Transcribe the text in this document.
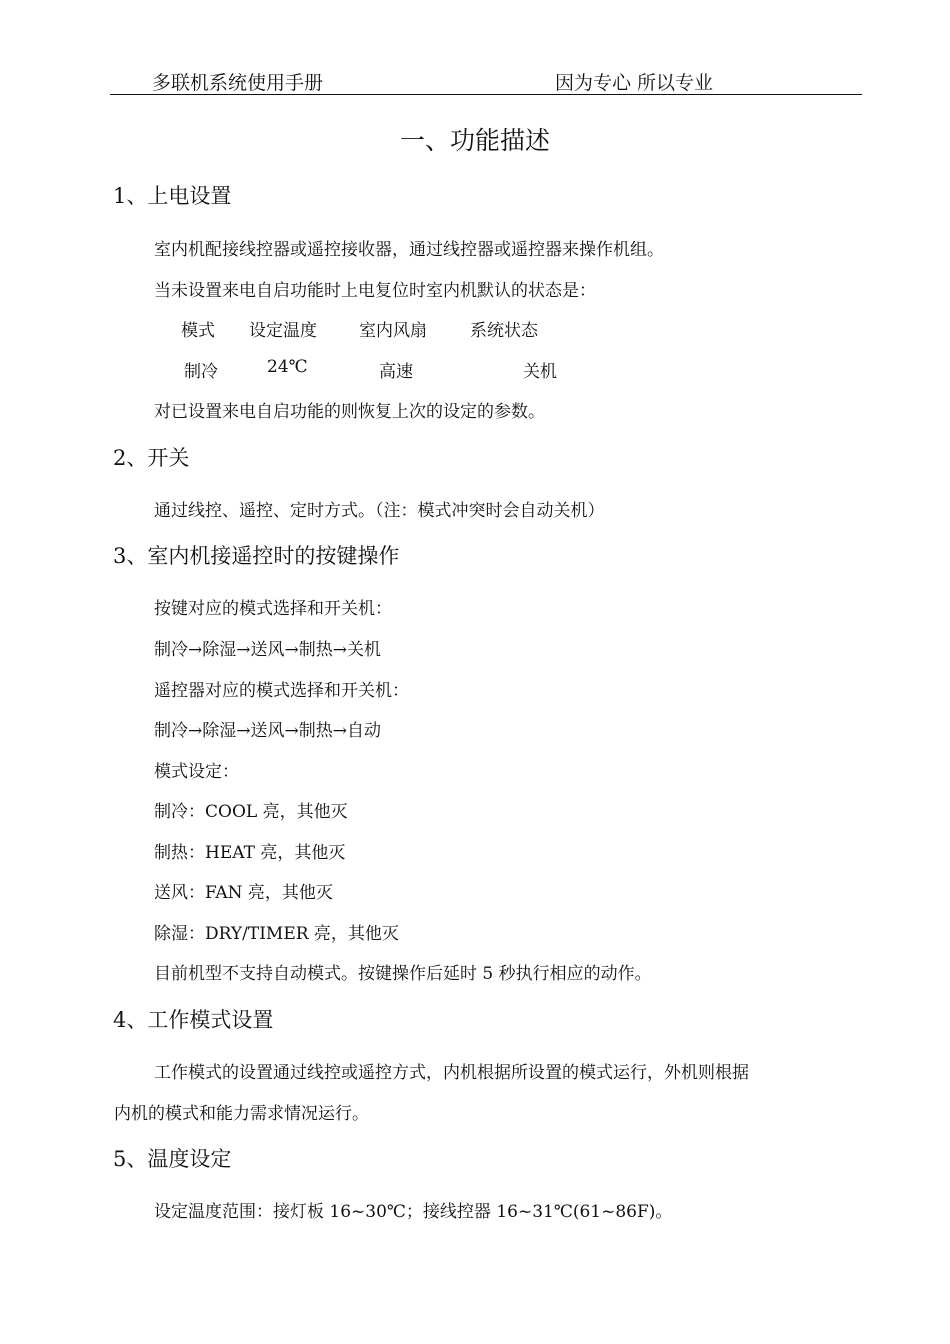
多联机系统使用手册	因为专心 所以专业
一、功能描述
1、上电设置
室内机配接线控器或遥控接收器，通过线控器或遥控器来操作机组。
当未设置来电自启功能时上电复位时室内机默认的状态是：
模式 设定温度 室内风扇	系统状态
制冷	24℃	高速	关机
对已设置来电自启功能的则恢复上次的设定的参数。
2、开关
通过线控、遥控、定时方式。（注：模式冲突时会自动关机）
3、室内机接遥控时的按键操作
按键对应的模式选择和开关机：
制冷→除湿→送风→制热→关机
遥控器对应的模式选择和开关机：
制冷→除湿→送风→制热→自动
模式设定：
制冷：COOL 亮，其他灭
制热：HEAT 亮，其他灭
送风：FAN 亮，其他灭
除湿：DRY/TIMER 亮，其他灭
目前机型不支持自动模式。按键操作后延时 5 秒执行相应的动作。
4、工作模式设置
工作模式的设置通过线控或遥控方式，内机根据所设置的模式运行，外机则根据
内机的模式和能力需求情况运行。
5、温度设定
设定温度范围：接灯板 16~30℃；接线控器 16~31℃(61~86F)。
